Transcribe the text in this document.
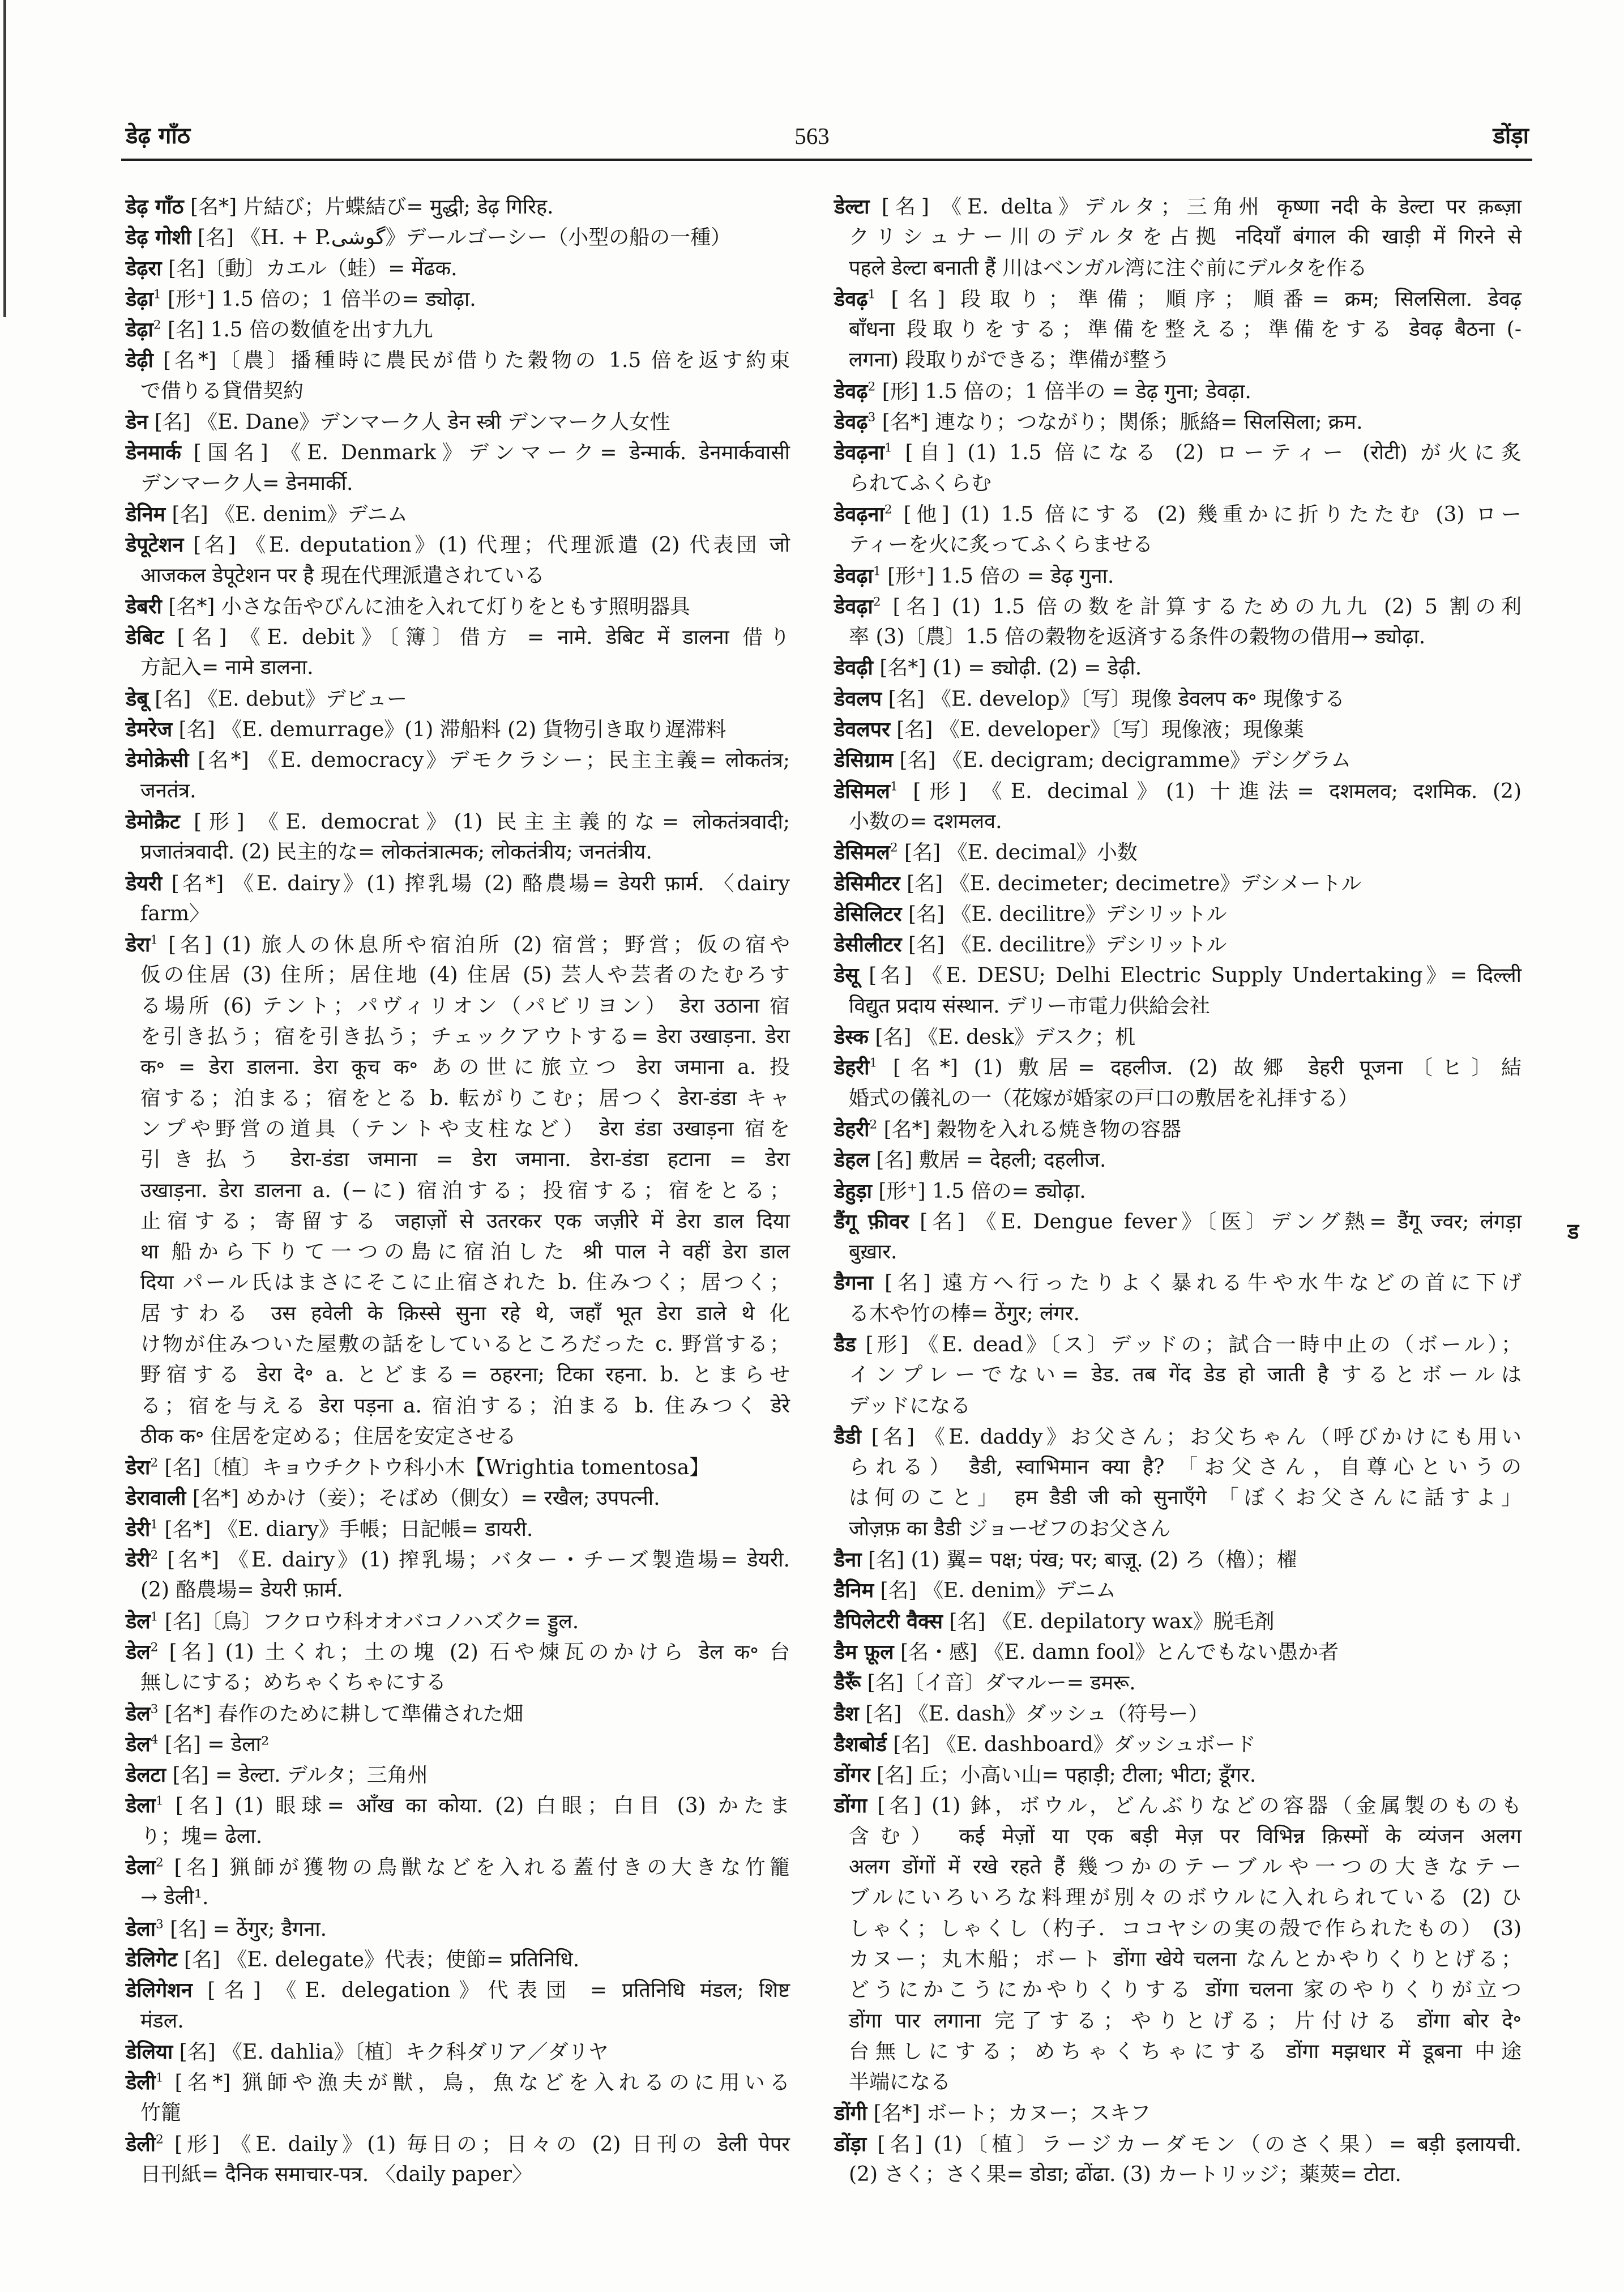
डेढ़ गाँठ	563	डोंड़ा
डेढ़ गाँठ [名*] 片結び；片蝶結び= मुद्धी; डेढ़ गिरिह.
डेढ़ गोशी [名] 《H. + P.گوشی》デールゴーシー（小型の船の一種）
डेढ़रा [名]〔動〕カエル（蛙）= मेंढक.
डेढ़ा$^1$ [形⁺] 1.5 倍の；1 倍半の= ड्योढ़ा.
डेढ़ा$^2$ [名] 1.5 倍の数値を出す九九
डेढ़ी [名*]〔農〕播種時に農民が借りた穀物の 1.5 倍を返す約束
で借りる貸借契約
डेन [名] 《E. Dane》デンマーク人 डेन स्त्री デンマーク人女性
डेनमार्क [国名] 《E. Denmark》デンマーク= डेन्मार्क. डेनमार्कवासी
デンマーク人= डेनमार्की.
डेनिम [名] 《E. denim》デニム
डेपूटेशन [名] 《E. deputation》(1) 代理；代理派遣 (2) 代表団 जो
आजकल डेपूटेशन पर है 現在代理派遣されている
डेबरी [名*] 小さな缶やびんに油を入れて灯りをともす照明器具
डेबिट [名] 《E. debit》〔簿〕借方 = नामे. डेबिट में डालना 借り
方記入= नामे डालना.
डेबू [名] 《E. debut》デビュー
डेमरेज [名] 《E. demurrage》(1) 滞船料 (2) 貨物引き取り遅滞料
डेमोक्रेसी [名*] 《E. democracy》デモクラシー；民主主義= लोकतंत्र;
जनतंत्र.
डेमोक्रैट [形] 《E. democrat》(1) 民主主義的な= लोकतंत्रवादी;
प्रजातंत्रवादी. (2) 民主的な= लोकतंत्रात्मक; लोकतंत्रीय; जनतंत्रीय.
डेयरी [名*] 《E. dairy》(1) 搾乳場 (2) 酪農場= डेयरी फ़ार्म. 〈dairy
farm〉
डेरा$^1$ [名] (1) 旅人の休息所や宿泊所 (2) 宿営；野営；仮の宿や
仮の住居 (3) 住所；居住地 (4) 住居 (5) 芸人や芸者のたむろす
る場所 (6) テント；パヴィリオン（パビリヨン） डेरा उठाना 宿
を引き払う；宿を引き払う；チェックアウトする= डेरा उखाड़ना. डेरा
क॰ = डेरा डालना. डेरा कूच क॰ あの世に旅立つ डेरा जमाना a. 投
宿する；泊まる；宿をとる b. 転がりこむ；居つく डेरा-डंडा キャ
ンプや野営の道具（テントや支柱など） डेरा डंडा उखाड़ना 宿を
引き払う डेरा-डंडा जमाना = डेरा जमाना. डेरा-डंडा हटाना = डेरा
उखाड़ना. डेरा डालना a. (−に) 宿泊する；投宿する；宿をとる；
止宿する；寄留する जहाज़ों से उतरकर एक जज़ीरे में डेरा डाल दिया
था 船から下りて一つの島に宿泊した श्री पाल ने वहीं डेरा डाल
दिया パール氏はまさにそこに止宿された b. 住みつく；居つく；
居すわる उस हवेली के क़िस्से सुना रहे थे, जहाँ भूत डेरा डाले थे 化
け物が住みついた屋敷の話をしているところだった c. 野営する；
野宿する डेरा दे॰ a. とどまる= ठहरना; टिका रहना. b. とまらせ
る；宿を与える डेरा पड़ना a. 宿泊する；泊まる b. 住みつく डेरे
ठीक क॰ 住居を定める；住居を安定させる
डेरा$^2$ [名]〔植〕キョウチクトウ科小木【Wrightia tomentosa】
डेरावाली [名*] めかけ（妾）；そばめ（側女）= रखैल; उपपत्नी.
डेरी$^1$ [名*] 《E. diary》手帳；日記帳= डायरी.
डेरी$^2$ [名*] 《E. dairy》(1) 搾乳場；バター・チーズ製造場= डेयरी.
(2) 酪農場= डेयरी फ़ार्म.
डेल$^1$ [名]〔鳥〕フクロウ科オオバコノハズク= ड्डुल.
डेल$^2$ [名] (1) 土くれ；土の塊 (2) 石や煉瓦のかけら डेल क॰ 台
無しにする；めちゃくちゃにする
डेल$^3$ [名*] 春作のために耕して準備された畑
डेल$^4$ [名] = डेला²
डेलटा [名] = डेल्टा. デルタ；三角州
डेला$^1$ [名] (1) 眼球= आँख का कोया. (2) 白眼；白目 (3) かたま
り；塊= ढेला.
डेला$^2$ [名] 猟師が獲物の鳥獣などを入れる蓋付きの大きな竹籠
→ डेली¹.
डेला$^3$ [名] = ठेंगुर; डैगना.
डेलिगेट [名] 《E. delegate》代表；使節= प्रतिनिधि.
डेलिगेशन [名] 《E. delegation》代表団 = प्रतिनिधि मंडल; शिष्ट
मंडल.
डेलिया [名] 《E. dahlia》〔植〕キク科ダリア／ダリヤ
डेली$^1$ [名*] 猟師や漁夫が獣，鳥，魚などを入れるのに用いる
竹籠
डेली$^2$ [形] 《E. daily》(1) 毎日の；日々の (2) 日刊の डेली पेपर
日刊紙= दैनिक समाचार-पत्र. 〈daily paper〉
डेल्टा [名] 《E. delta》デルタ；三角州 कृष्णा नदी के डेल्टा पर क़ब्ज़ा
クリシュナー川のデルタを占拠 नदियाँ बंगाल की खाड़ी में गिरने से
पहले डेल्टा बनाती हैं 川はベンガル湾に注ぐ前にデルタを作る
डेवढ़$^1$ [名] 段取り；準備；順序；順番= क्रम; सिलसिला. डेवढ़
बाँधना 段取りをする；準備を整える；準備をする डेवढ़ बैठना (-
लगना) 段取りができる；準備が整う
डेवढ़$^2$ [形] 1.5 倍の；1 倍半の = डेढ़ गुना; डेवढ़ा.
डेवढ़$^3$ [名*] 連なり；つながり；関係；脈絡= सिलसिला; क्रम.
डेवढ़ना$^1$ [自] (1) 1.5 倍になる (2) ローティー (रोटी) が火に炙
られてふくらむ
डेवढ़ना$^2$ [他] (1) 1.5 倍にする (2) 幾重かに折りたたむ (3) ロー
ティーを火に炙ってふくらませる
डेवढ़ा$^1$ [形⁺] 1.5 倍の = डेढ़ गुना.
डेवढ़ा$^2$ [名] (1) 1.5 倍の数を計算するための九九 (2) 5 割の利
率 (3)〔農〕1.5 倍の穀物を返済する条件の穀物の借用→ ड्योढ़ा.
डेवढ़ी [名*] (1) = ड्योढ़ी. (2) = डेढ़ी.
डेवलप [名] 《E. develop》〔写〕現像 डेवलप क॰ 現像する
डेवलपर [名] 《E. developer》〔写〕現像液；現像薬
डेसिग्राम [名] 《E. decigram; decigramme》デシグラム
डेसिमल$^1$ [形] 《E. decimal》(1) 十進法= दशमलव; दशमिक. (2)
小数の= दशमलव.
डेसिमल$^2$ [名] 《E. decimal》小数
डेसिमीटर [名] 《E. decimeter; decimetre》デシメートル
डेसिलिटर [名] 《E. decilitre》デシリットル
डेसीलीटर [名] 《E. decilitre》デシリットル
डेसू [名] 《E. DESU; Delhi Electric Supply Undertaking》= दिल्ली
विद्युत प्रदाय संस्थान. デリー市電力供給会社
डेस्क [名] 《E. desk》デスク；机
डेहरी$^1$ [名*] (1) 敷居= दहलीज. (2) 故郷 डेहरी पूजना〔ヒ〕結
婚式の儀礼の一（花嫁が婚家の戸口の敷居を礼拝する）
डेहरी$^2$ [名*] 穀物を入れる焼き物の容器
डेहल [名] 敷居 = देहली; दहलीज.
डेहुड़ा [形⁺] 1.5 倍の= ड्योढ़ा.
डैंगू फ़ीवर [名] 《E. Dengue fever》〔医〕デング熱= डैंगू ज्वर; लंगड़ा
बुख़ार.
डैगना [名] 遠方へ行ったりよく暴れる牛や水牛などの首に下げ
る木や竹の棒= ठेंगुर; लंगर.
डैड [形] 《E. dead》〔ス〕デッドの；試合一時中止の（ボール）；
インプレーでない= डेड. तब गेंद डेड हो जाती है するとボールは
デッドになる
डैडी [名] 《E. daddy》お父さん；お父ちゃん（呼びかけにも用い
られる） डैडी, स्वाभिमान क्या है? 「お父さん，自尊心というの
は何のこと」 हम डैडी जी को सुनाएँगे 「ぼくお父さんに話すよ」
जोज़फ़ का डैडी ジョーゼフのお父さん
डैना [名] (1) 翼= पक्ष; पंख; पर; बाज़ू. (2) ろ（櫓）；櫂
डैनिम [名] 《E. denim》デニム
डैपिलेटरी वैक्स [名] 《E. depilatory wax》脱毛剤
डैम फ़ूल [名・感] 《E. damn fool》とんでもない愚か者
डैरूँ [名]〔イ音〕ダマルー= डमरू.
डैश [名] 《E. dash》ダッシュ（符号ー）
डैशबोर्ड [名] 《E. dashboard》ダッシュボード
डोंगर [名] 丘；小高い山= पहाड़ी; टीला; भीटा; डूँगर.
डोंगा [名] (1) 鉢，ボウル，どんぶりなどの容器（金属製のものも
含む） कई मेज़ों या एक बड़ी मेज़ पर विभिन्न क़िस्मों के व्यंजन अलग
अलग डोंगों में रखे रहते हैं 幾つかのテーブルや一つの大きなテー
ブルにいろいろな料理が別々のボウルに入れられている (2) ひ
しゃく；しゃくし（杓子．ココヤシの実の殻で作られたもの） (3)
カヌー；丸木船；ボート डोंगा खेये चलना なんとかやりくりとげる；
どうにかこうにかやりくりする डोंगा चलना 家のやりくりが立つ
डोंगा पार लगाना 完了する；やりとげる；片付ける डोंगा बोर दे॰
台無しにする；めちゃくちゃにする डोंगा मझधार में डूबना 中途
半端になる
डोंगी [名*] ボート；カヌー；スキフ
डोंड़ा [名] (1)〔植〕ラージカーダモン（のさく果）= बड़ी इलायची.
(2) さく；さく果= डोडा; ढोंढा. (3) カートリッジ；薬莢= टोटा.
ड
